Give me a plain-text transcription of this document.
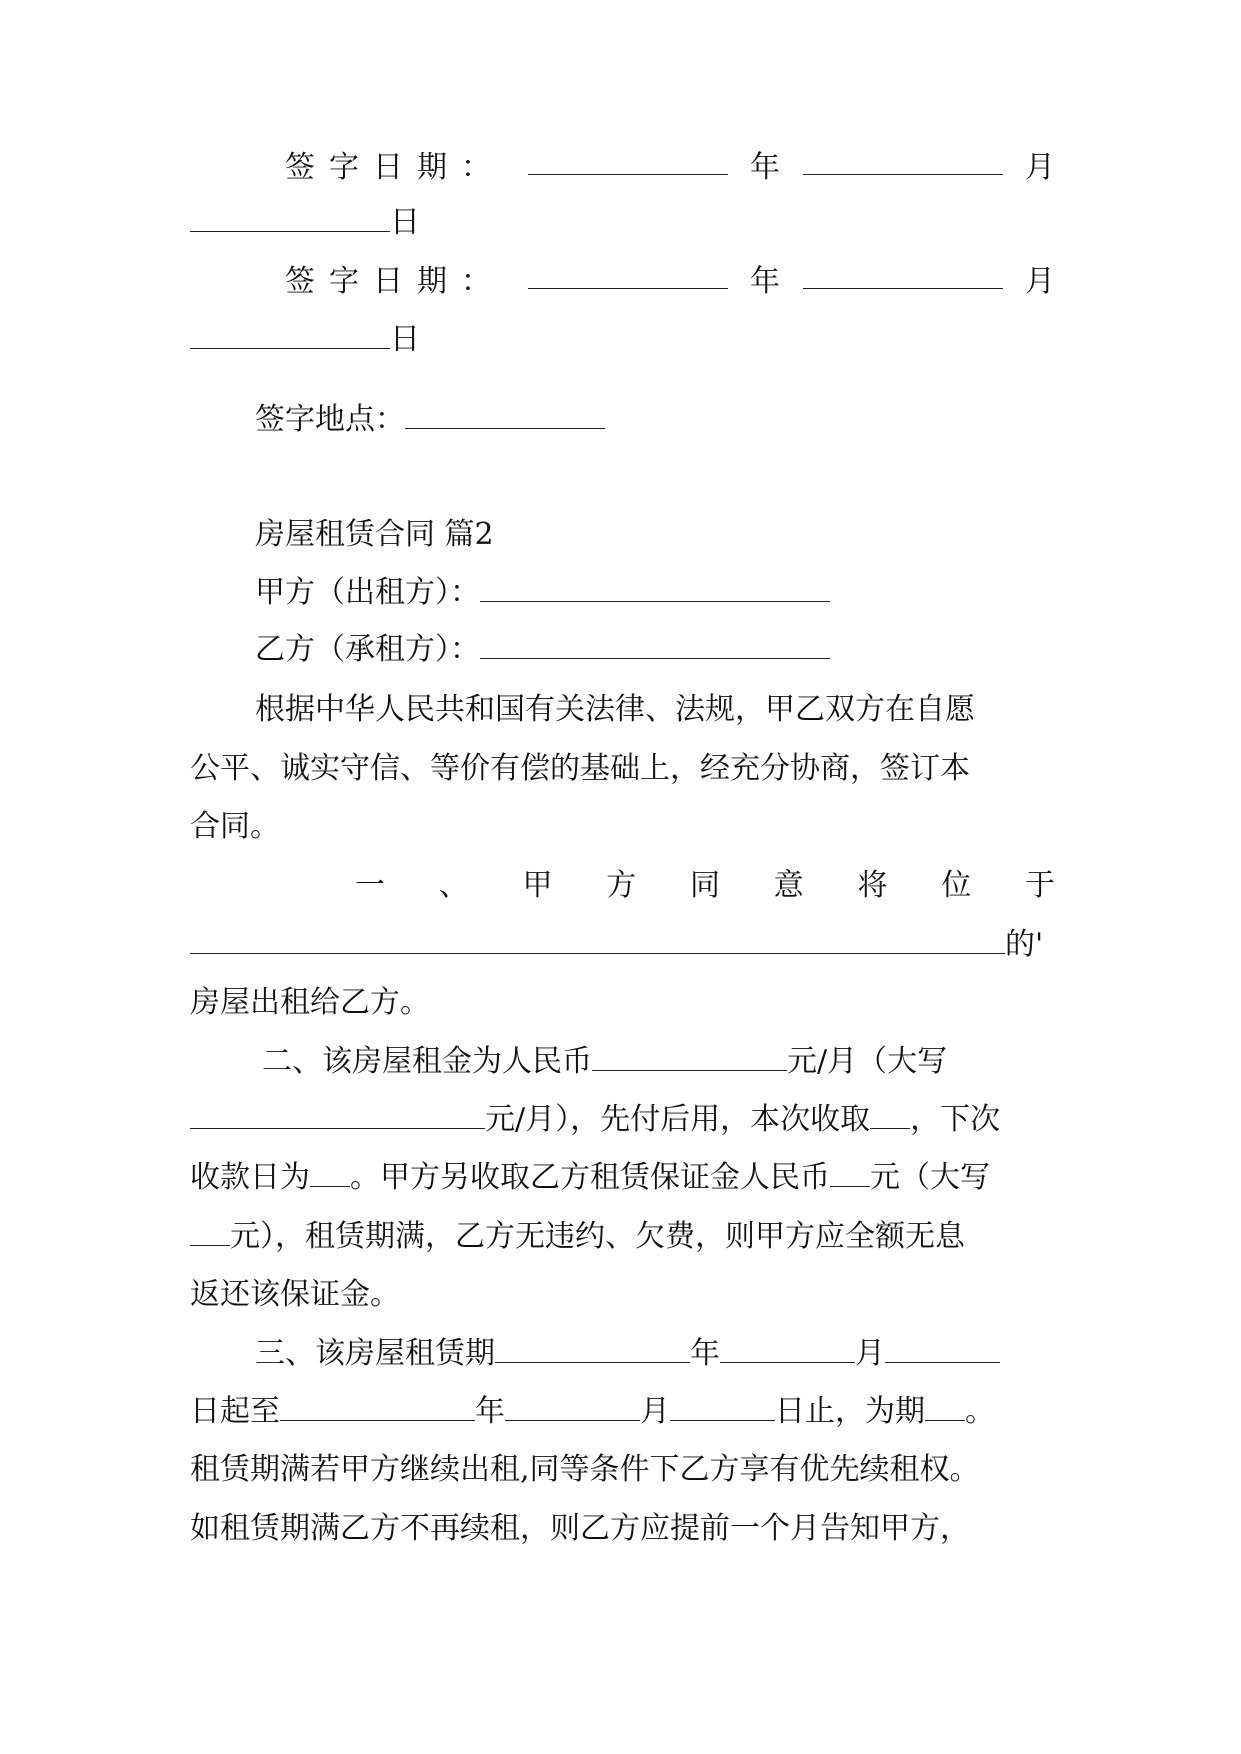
签字日期：	年	月
日
签字日期：	年	月
日
签字地点：
房屋租赁合同 篇2
甲方（出租方）：
乙方（承租方）：
根据中华人民共和国有关法律、法规，甲乙双方在自愿
公平、诚实守信、等价有偿的基础上，经充分协商，签订本
合同。
一 、 甲 方 同 意 将 位 于
的'
房屋出租给乙方。
二、该房屋租金为人民币	元/月（大写
元/月），先付后用，本次收取 ，下次
收款日为 。甲方另收取乙方租赁保证金人民币 元（大写
元），租赁期满，乙方无违约、欠费，则甲方应全额无息
返还该保证金。
三、该房屋租赁期	年	月
日起至	年	月	日止，为期 。
租赁期满若甲方继续出租,同等条件下乙方享有优先续租权。
如租赁期满乙方不再续租，则乙方应提前一个月告知甲方，
